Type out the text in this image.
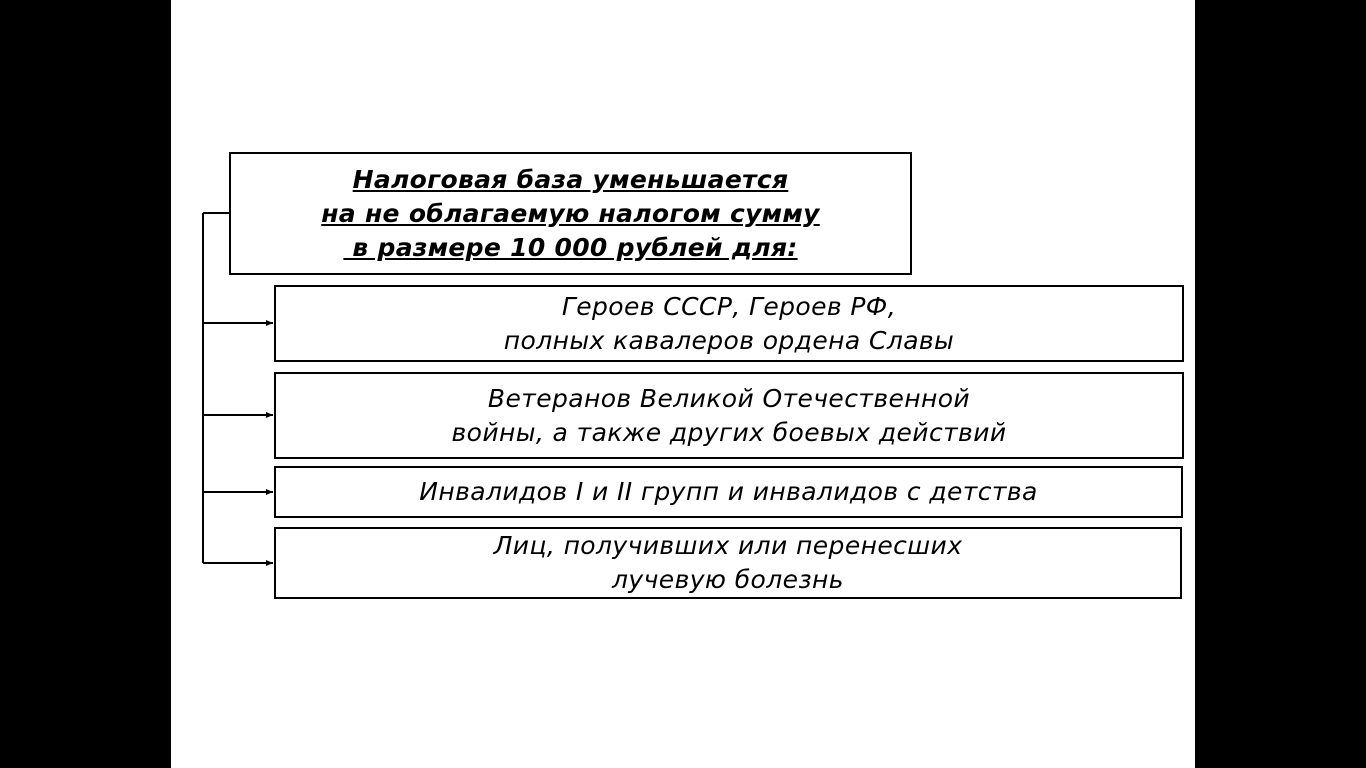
Налоговая база уменьшается
на не облагаемую налогом сумму
в размере 10 000 рублей для:
Героев СССР, Героев РФ,
полных кавалеров ордена Славы
Ветеранов Великой Отечественной
войны, а также других боевых действий
Инвалидов I и II групп и инвалидов с детства
Лиц, получивших или перенесших
лучевую болезнь
